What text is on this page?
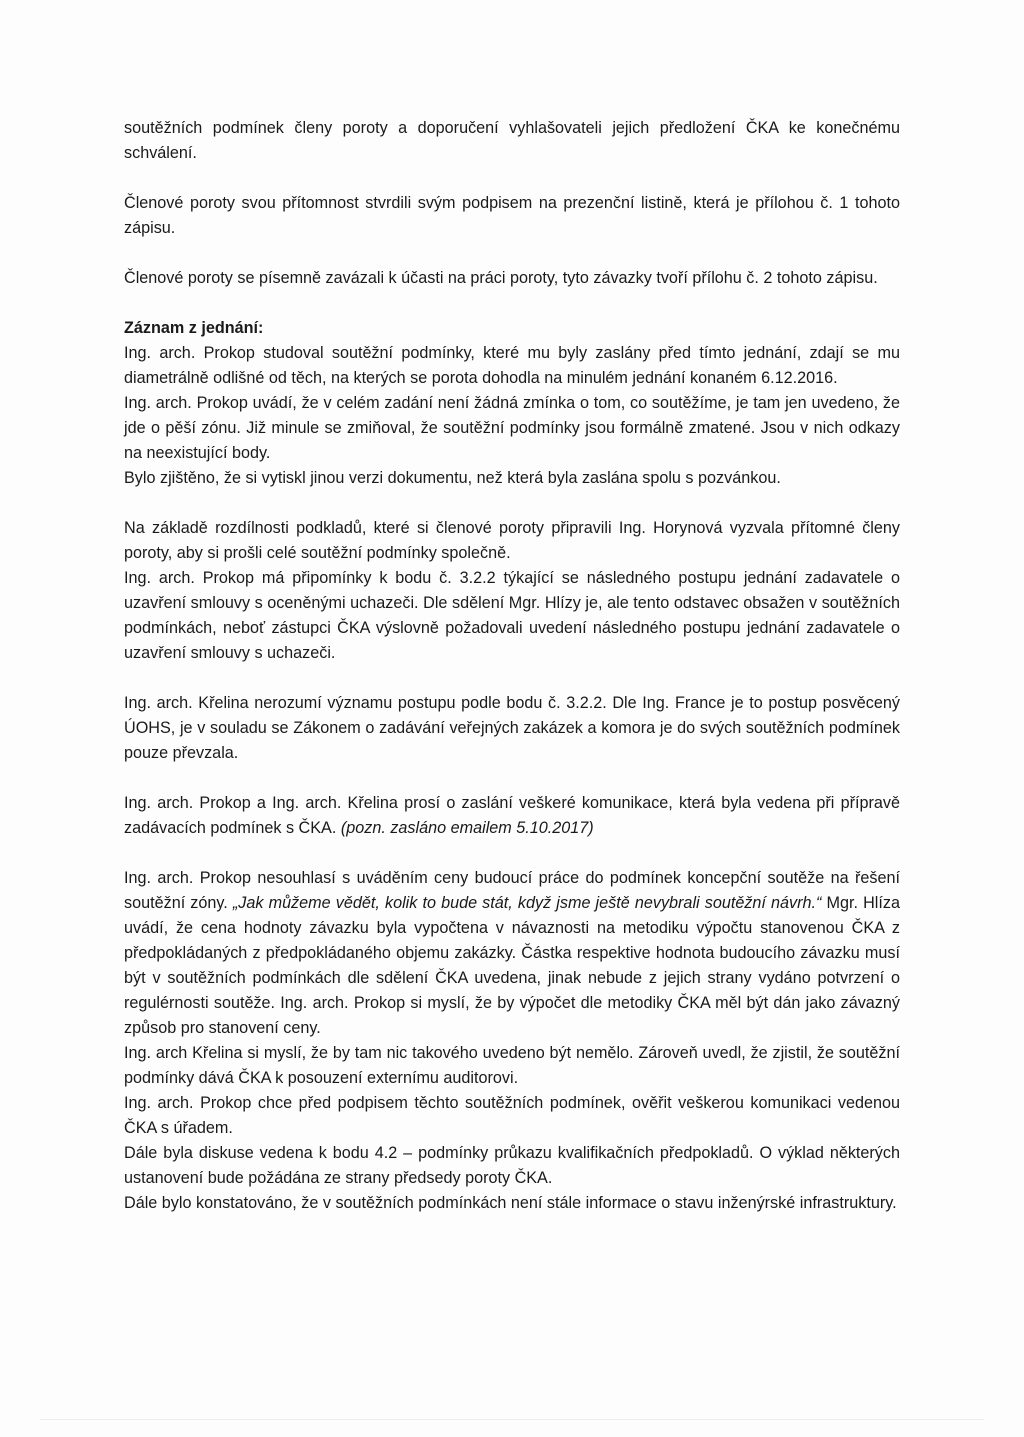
soutěžních podmínek členy poroty a doporučení vyhlašovateli jejich předložení ČKA ke konečnému schválení.

Členové poroty svou přítomnost stvrdili svým podpisem na prezenční listině, která je přílohou č. 1 tohoto zápisu.

Členové poroty se písemně zavázali k účasti na práci poroty, tyto závazky tvoří přílohu č. 2 tohoto zápisu.

Záznam z jednání:

Ing. arch. Prokop studoval soutěžní podmínky, které mu byly zaslány před tímto jednání, zdají se mu diametrálně odlišné od těch, na kterých se porota dohodla na minulém jednání konaném 6.12.2016.

Ing. arch. Prokop uvádí, že v celém zadání není žádná zmínka o tom, co soutěžíme, je tam jen uvedeno, že jde o pěší zónu. Již minule se zmiňoval, že soutěžní podmínky jsou formálně zmatené. Jsou v nich odkazy na neexistující body.

Bylo zjištěno, že si vytiskl jinou verzi dokumentu, než která byla zaslána spolu s pozvánkou.

Na základě rozdílnosti podkladů, které si členové poroty připravili Ing. Horynová vyzvala přítomné členy poroty, aby si prošli celé soutěžní podmínky společně.

Ing. arch. Prokop má připomínky k bodu č. 3.2.2 týkající se následného postupu jednání zadavatele o uzavření smlouvy s oceněnými uchazeči. Dle sdělení Mgr. Hlízy je, ale tento odstavec obsažen v soutěžních podmínkách, neboť zástupci ČKA výslovně požadovali uvedení následného postupu jednání zadavatele o uzavření smlouvy s uchazeči.

Ing. arch. Křelina nerozumí významu postupu podle bodu č. 3.2.2. Dle Ing. France je to postup posvěcený ÚOHS, je v souladu se Zákonem o zadávání veřejných zakázek a komora je do svých soutěžních podmínek pouze převzala.

Ing. arch. Prokop a Ing. arch. Křelina prosí o zaslání veškeré komunikace, která byla vedena při přípravě zadávacích podmínek s ČKA. (pozn. zasláno emailem 5.10.2017)

Ing. arch. Prokop nesouhlasí s uváděním ceny budoucí práce do podmínek koncepční soutěže na řešení soutěžní zóny. „Jak můžeme vědět, kolik to bude stát, když jsme ještě nevybrali soutěžní návrh.“ Mgr. Hlíza uvádí, že cena hodnoty závazku byla vypočtena v návaznosti na metodiku výpočtu stanovenou ČKA z předpokládaných z předpokládaného objemu zakázky. Částka respektive hodnota budoucího závazku musí být v soutěžních podmínkách dle sdělení ČKA uvedena, jinak nebude z jejich strany vydáno potvrzení o regulérnosti soutěže. Ing. arch. Prokop si myslí, že by výpočet dle metodiky ČKA měl být dán jako závazný způsob pro stanovení ceny.

Ing. arch Křelina si myslí, že by tam nic takového uvedeno být nemělo. Zároveň uvedl, že zjistil, že soutěžní podmínky dává ČKA k posouzení externímu auditorovi.

Ing. arch. Prokop chce před podpisem těchto soutěžních podmínek, ověřit veškerou komunikaci vedenou ČKA s úřadem.

Dále byla diskuse vedena k bodu 4.2 – podmínky průkazu kvalifikačních předpokladů. O výklad některých ustanovení bude požádána ze strany předsedy poroty ČKA.

Dále bylo konstatováno, že v soutěžních podmínkách není stále informace o stavu inženýrské infrastruktury.
